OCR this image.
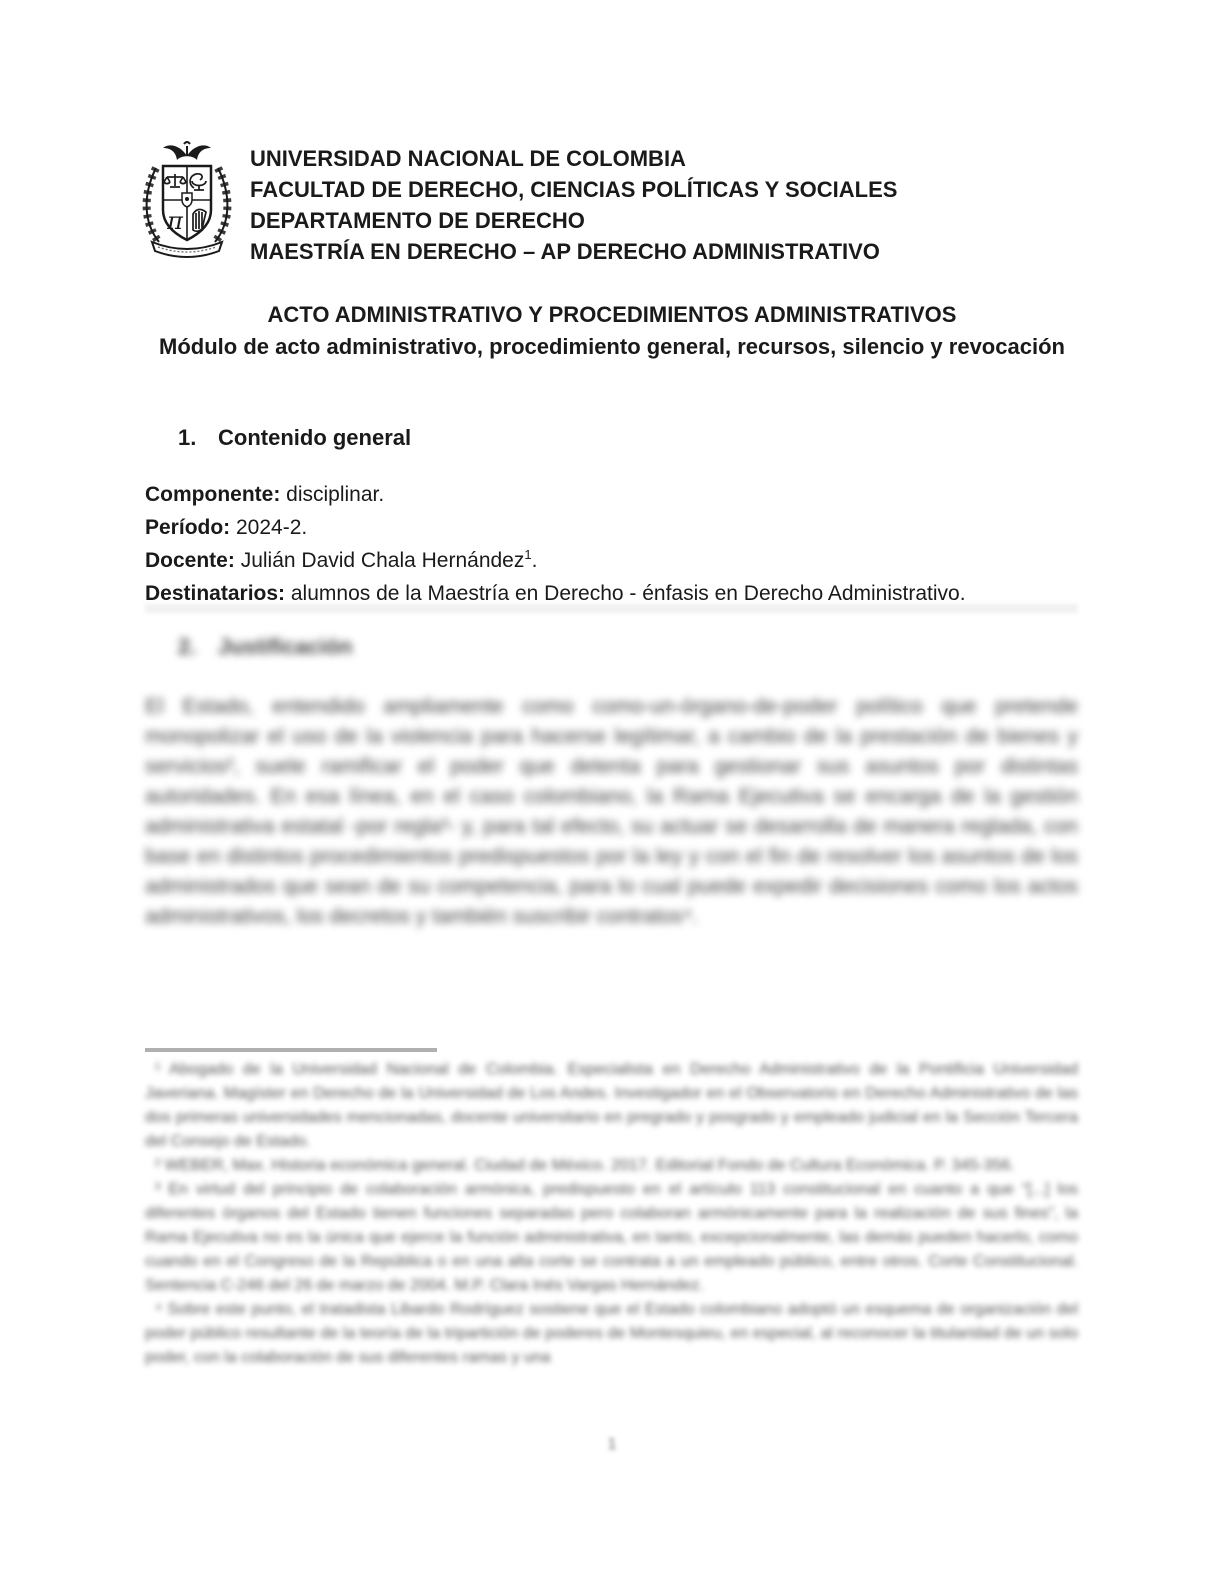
π
UNIVERSIDAD NACIONAL DE COLOMBIA
FACULTAD DE DERECHO, CIENCIAS POLÍTICAS Y SOCIALES
DEPARTAMENTO DE DERECHO
MAESTRÍA EN DERECHO – AP DERECHO ADMINISTRATIVO
ACTO ADMINISTRATIVO Y PROCEDIMIENTOS ADMINISTRATIVOS
Módulo de acto administrativo, procedimiento general, recursos, silencio y revocación
1. Contenido general
Componente: disciplinar.
Período: 2024-2.
Docente: Julián David Chala Hernández$^1$.
Destinatarios: alumnos de la Maestría en Derecho - énfasis en Derecho Administrativo.
2. Justificación

El Estado, entendido ampliamente como como-un-órgano-de-poder político que pretende monopolizar el uso de la violencia para hacerse legítimar, a cambio de la prestación de bienes y servicios², suele ramificar el poder que detenta para gestionar sus asuntos por distintas autoridades. En esa línea, en el caso colombiano, la Rama Ejecutiva se encarga de la gestión administrativa estatal -por regla³- y, para tal efecto, su actuar se desarrolla de manera reglada, con base en distintos procedimientos predispuestos por la ley y con el fin de resolver los asuntos de los administrados que sean de su competencia, para lo cual puede expedir decisiones como los actos administrativos, los decretos y también suscribir contratos⁴.

¹ Abogado de la Universidad Nacional de Colombia. Especialista en Derecho Administrativo de la Pontificia Universidad Javeriana. Magíster en Derecho de la Universidad de Los Andes. Investigador en el Observatorio en Derecho Administrativo de las dos primeras universidades mencionadas, docente universitario en pregrado y posgrado y empleado judicial en la Sección Tercera del Consejo de Estado.
² WEBER, Max. Historia económica general. Ciudad de México. 2017. Editorial Fondo de Cultura Económica. P. 345-356.
³ En virtud del principio de colaboración armónica, predispuesto en el artículo 113 constitucional en cuanto a que “[...] los diferentes órganos del Estado tienen funciones separadas pero colaboran armónicamente para la realización de sus fines”, la Rama Ejecutiva no es la única que ejerce la función administrativa, en tanto, excepcionalmente, las demás pueden hacerlo, como cuando en el Congreso de la República o en una alta corte se contrata a un empleado público, entre otros. Corte Constitucional. Sentencia C-246 del 26 de marzo de 2004. M.P. Clara Inés Vargas Hernández.
⁴ Sobre este punto, el tratadista Libardo Rodríguez sostiene que el Estado colombiano adoptó un esquema de organización del poder público resultante de la teoría de la tripartición de poderes de Montesquieu, en especial, al reconocer la titularidad de un solo poder, con la colaboración de sus diferentes ramas y una
1
